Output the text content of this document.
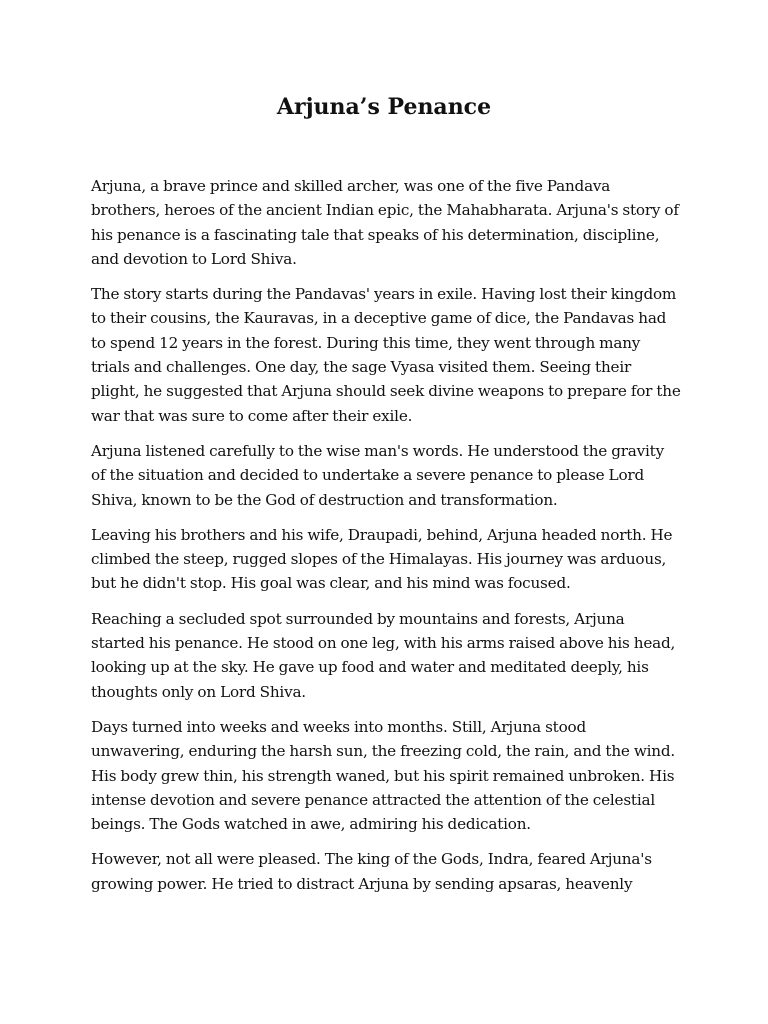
Arjuna’s Penance

Arjuna, a brave prince and skilled archer, was one of the five Pandava brothers, heroes of the ancient Indian epic, the Mahabharata. Arjuna's story of his penance is a fascinating tale that speaks of his determination, discipline, and devotion to Lord Shiva.

The story starts during the Pandavas' years in exile. Having lost their kingdom to their cousins, the Kauravas, in a deceptive game of dice, the Pandavas had to spend 12 years in the forest. During this time, they went through many trials and challenges. One day, the sage Vyasa visited them. Seeing their plight, he suggested that Arjuna should seek divine weapons to prepare for the war that was sure to come after their exile.

Arjuna listened carefully to the wise man's words. He understood the gravity of the situation and decided to undertake a severe penance to please Lord Shiva, known to be the God of destruction and transformation.

Leaving his brothers and his wife, Draupadi, behind, Arjuna headed north. He climbed the steep, rugged slopes of the Himalayas. His journey was arduous, but he didn't stop. His goal was clear, and his mind was focused.

Reaching a secluded spot surrounded by mountains and forests, Arjuna started his penance. He stood on one leg, with his arms raised above his head, looking up at the sky. He gave up food and water and meditated deeply, his thoughts only on Lord Shiva.

Days turned into weeks and weeks into months. Still, Arjuna stood unwavering, enduring the harsh sun, the freezing cold, the rain, and the wind. His body grew thin, his strength waned, but his spirit remained unbroken. His intense devotion and severe penance attracted the attention of the celestial beings. The Gods watched in awe, admiring his dedication.

However, not all were pleased. The king of the Gods, Indra, feared Arjuna's growing power. He tried to distract Arjuna by sending apsaras, heavenly
